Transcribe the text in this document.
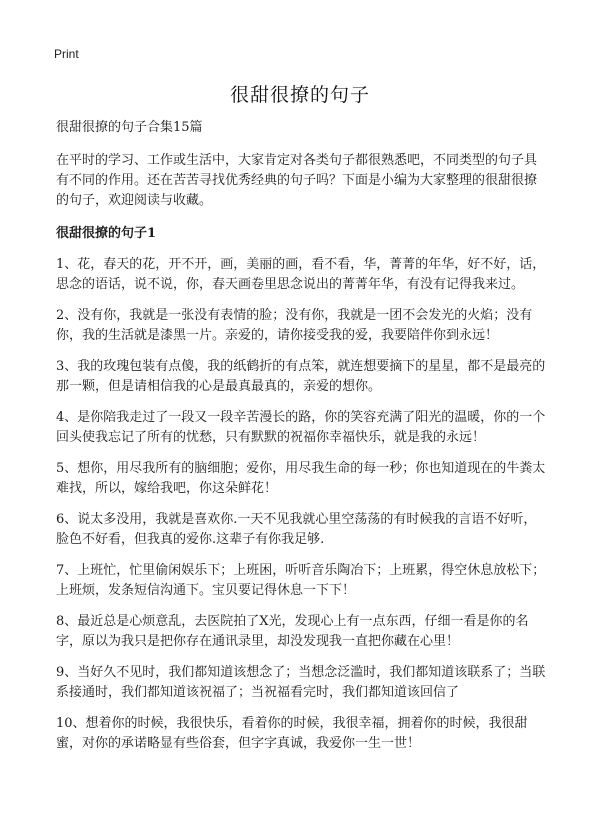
Print
很甜很撩的句子

很甜很撩的句子合集15篇

在平时的学习、工作或生活中，大家肯定对各类句子都很熟悉吧，不同类型的句子具有不同的作用。还在苦苦寻找优秀经典的句子吗？下面是小编为大家整理的很甜很撩的句子，欢迎阅读与收藏。

很甜很撩的句子1

1、花，春天的花，开不开，画，美丽的画，看不看，华，菁菁的年华，好不好，话，思念的语话，说不说，你，春天画卷里思念说出的菁菁年华，有没有记得我来过。

2、没有你，我就是一张没有表情的脸；没有你，我就是一团不会发光的火焰；没有你，我的生活就是漆黑一片。亲爱的，请你接受我的爱，我要陪伴你到永远！

3、我的玫瑰包装有点傻，我的纸鹤折的有点笨，就连想要摘下的星星，都不是最亮的那一颗，但是请相信我的心是最真最真的，亲爱的想你。

4、是你陪我走过了一段又一段辛苦漫长的路，你的笑容充满了阳光的温暖，你的一个回头使我忘记了所有的忧愁，只有默默的祝福你幸福快乐，就是我的永远！

5、想你，用尽我所有的脑细胞；爱你，用尽我生命的每一秒；你也知道现在的牛粪太难找，所以，嫁给我吧，你这朵鲜花！

6、说太多没用，我就是喜欢你.一天不见我就心里空荡荡的有时候我的言语不好听，脸色不好看，但我真的爱你.这辈子有你我足够.

7、上班忙，忙里偷闲娱乐下；上班困，听听音乐陶冶下；上班累，得空休息放松下；上班烦，发条短信沟通下。宝贝要记得休息一下下！

8、最近总是心烦意乱，去医院拍了X光，发现心上有一点东西，仔细一看是你的名字，原以为我只是把你存在通讯录里，却没发现我一直把你藏在心里！

9、当好久不见时，我们都知道该想念了；当想念泛滥时，我们都知道该联系了；当联系接通时，我们都知道该祝福了；当祝福看完时，我们都知道该回信了

10、想着你的时候，我很快乐，看着你的时候，我很幸福，拥着你的时候，我很甜蜜，对你的承诺略显有些俗套，但字字真诚，我爱你一生一世！
